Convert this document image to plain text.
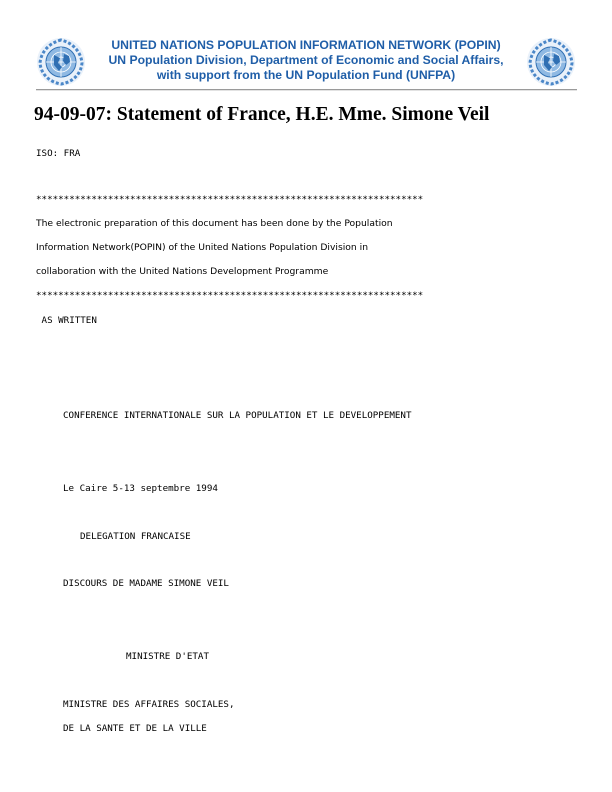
UNITED NATIONS POPULATION INFORMATION NETWORK (POPIN)
UN Population Division, Department of Economic and Social Affairs,
with support from the UN Population Fund (UNFPA)
94-09-07: Statement of France, H.E. Mme. Simone Veil
ISO: FRA
**********************************************************************
The electronic preparation of this document has been done by the Population
Information Network(POPIN) of the United Nations Population Division in
collaboration with the United Nations Development Programme
**********************************************************************
AS WRITTEN
CONFERENCE INTERNATIONALE SUR LA POPULATION ET LE DEVELOPPEMENT
Le Caire 5-13 septembre 1994
DELEGATION FRANCAISE
DISCOURS DE MADAME SIMONE VEIL
MINISTRE D'ETAT
MINISTRE DES AFFAIRES SOCIALES,
DE LA SANTE ET DE LA VILLE
